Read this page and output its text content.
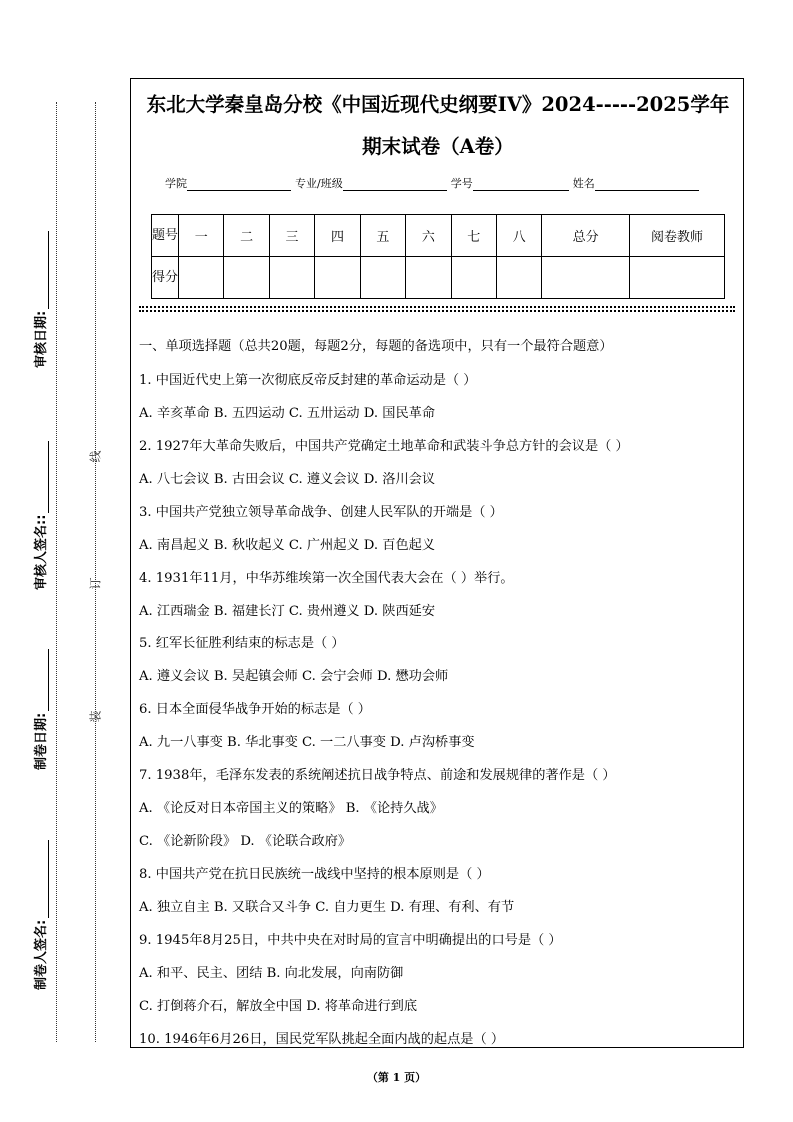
审核日期:
审核人签名::
制卷日期:
制卷人签名:
线
订
装
东北大学秦皇岛分校《中国近现代史纲要IV》2024-----2025学年
期末试卷（A卷）
学院	专业/班级	学号	姓名
题号	一	二	三	四	五	六	七	八	总分	阅卷教师
得分										
一、单项选择题（总共20题，每题2分，每题的备选项中，只有一个最符合题意）
1. 中国近代史上第一次彻底反帝反封建的革命运动是（ ）
A. 辛亥革命 B. 五四运动 C. 五卅运动 D. 国民革命
2. 1927年大革命失败后，中国共产党确定土地革命和武装斗争总方针的会议是（ ）
A. 八七会议 B. 古田会议 C. 遵义会议 D. 洛川会议
3. 中国共产党独立领导革命战争、创建人民军队的开端是（ ）
A. 南昌起义 B. 秋收起义 C. 广州起义 D. 百色起义
4. 1931年11月，中华苏维埃第一次全国代表大会在（ ）举行。
A. 江西瑞金 B. 福建长汀 C. 贵州遵义 D. 陕西延安
5. 红军长征胜利结束的标志是（ ）
A. 遵义会议 B. 吴起镇会师 C. 会宁会师 D. 懋功会师
6. 日本全面侵华战争开始的标志是（ ）
A. 九一八事变 B. 华北事变 C. 一二八事变 D. 卢沟桥事变
7. 1938年，毛泽东发表的系统阐述抗日战争特点、前途和发展规律的著作是（ ）
A. 《论反对日本帝国主义的策略》 B. 《论持久战》
C. 《论新阶段》 D. 《论联合政府》
8. 中国共产党在抗日民族统一战线中坚持的根本原则是（ ）
A. 独立自主 B. 又联合又斗争 C. 自力更生 D. 有理、有利、有节
9. 1945年8月25日，中共中央在对时局的宣言中明确提出的口号是（ ）
A. 和平、民主、团结 B. 向北发展，向南防御
C. 打倒蒋介石，解放全中国 D. 将革命进行到底
10. 1946年6月26日，国民党军队挑起全面内战的起点是（ ）
（第 1 页）
